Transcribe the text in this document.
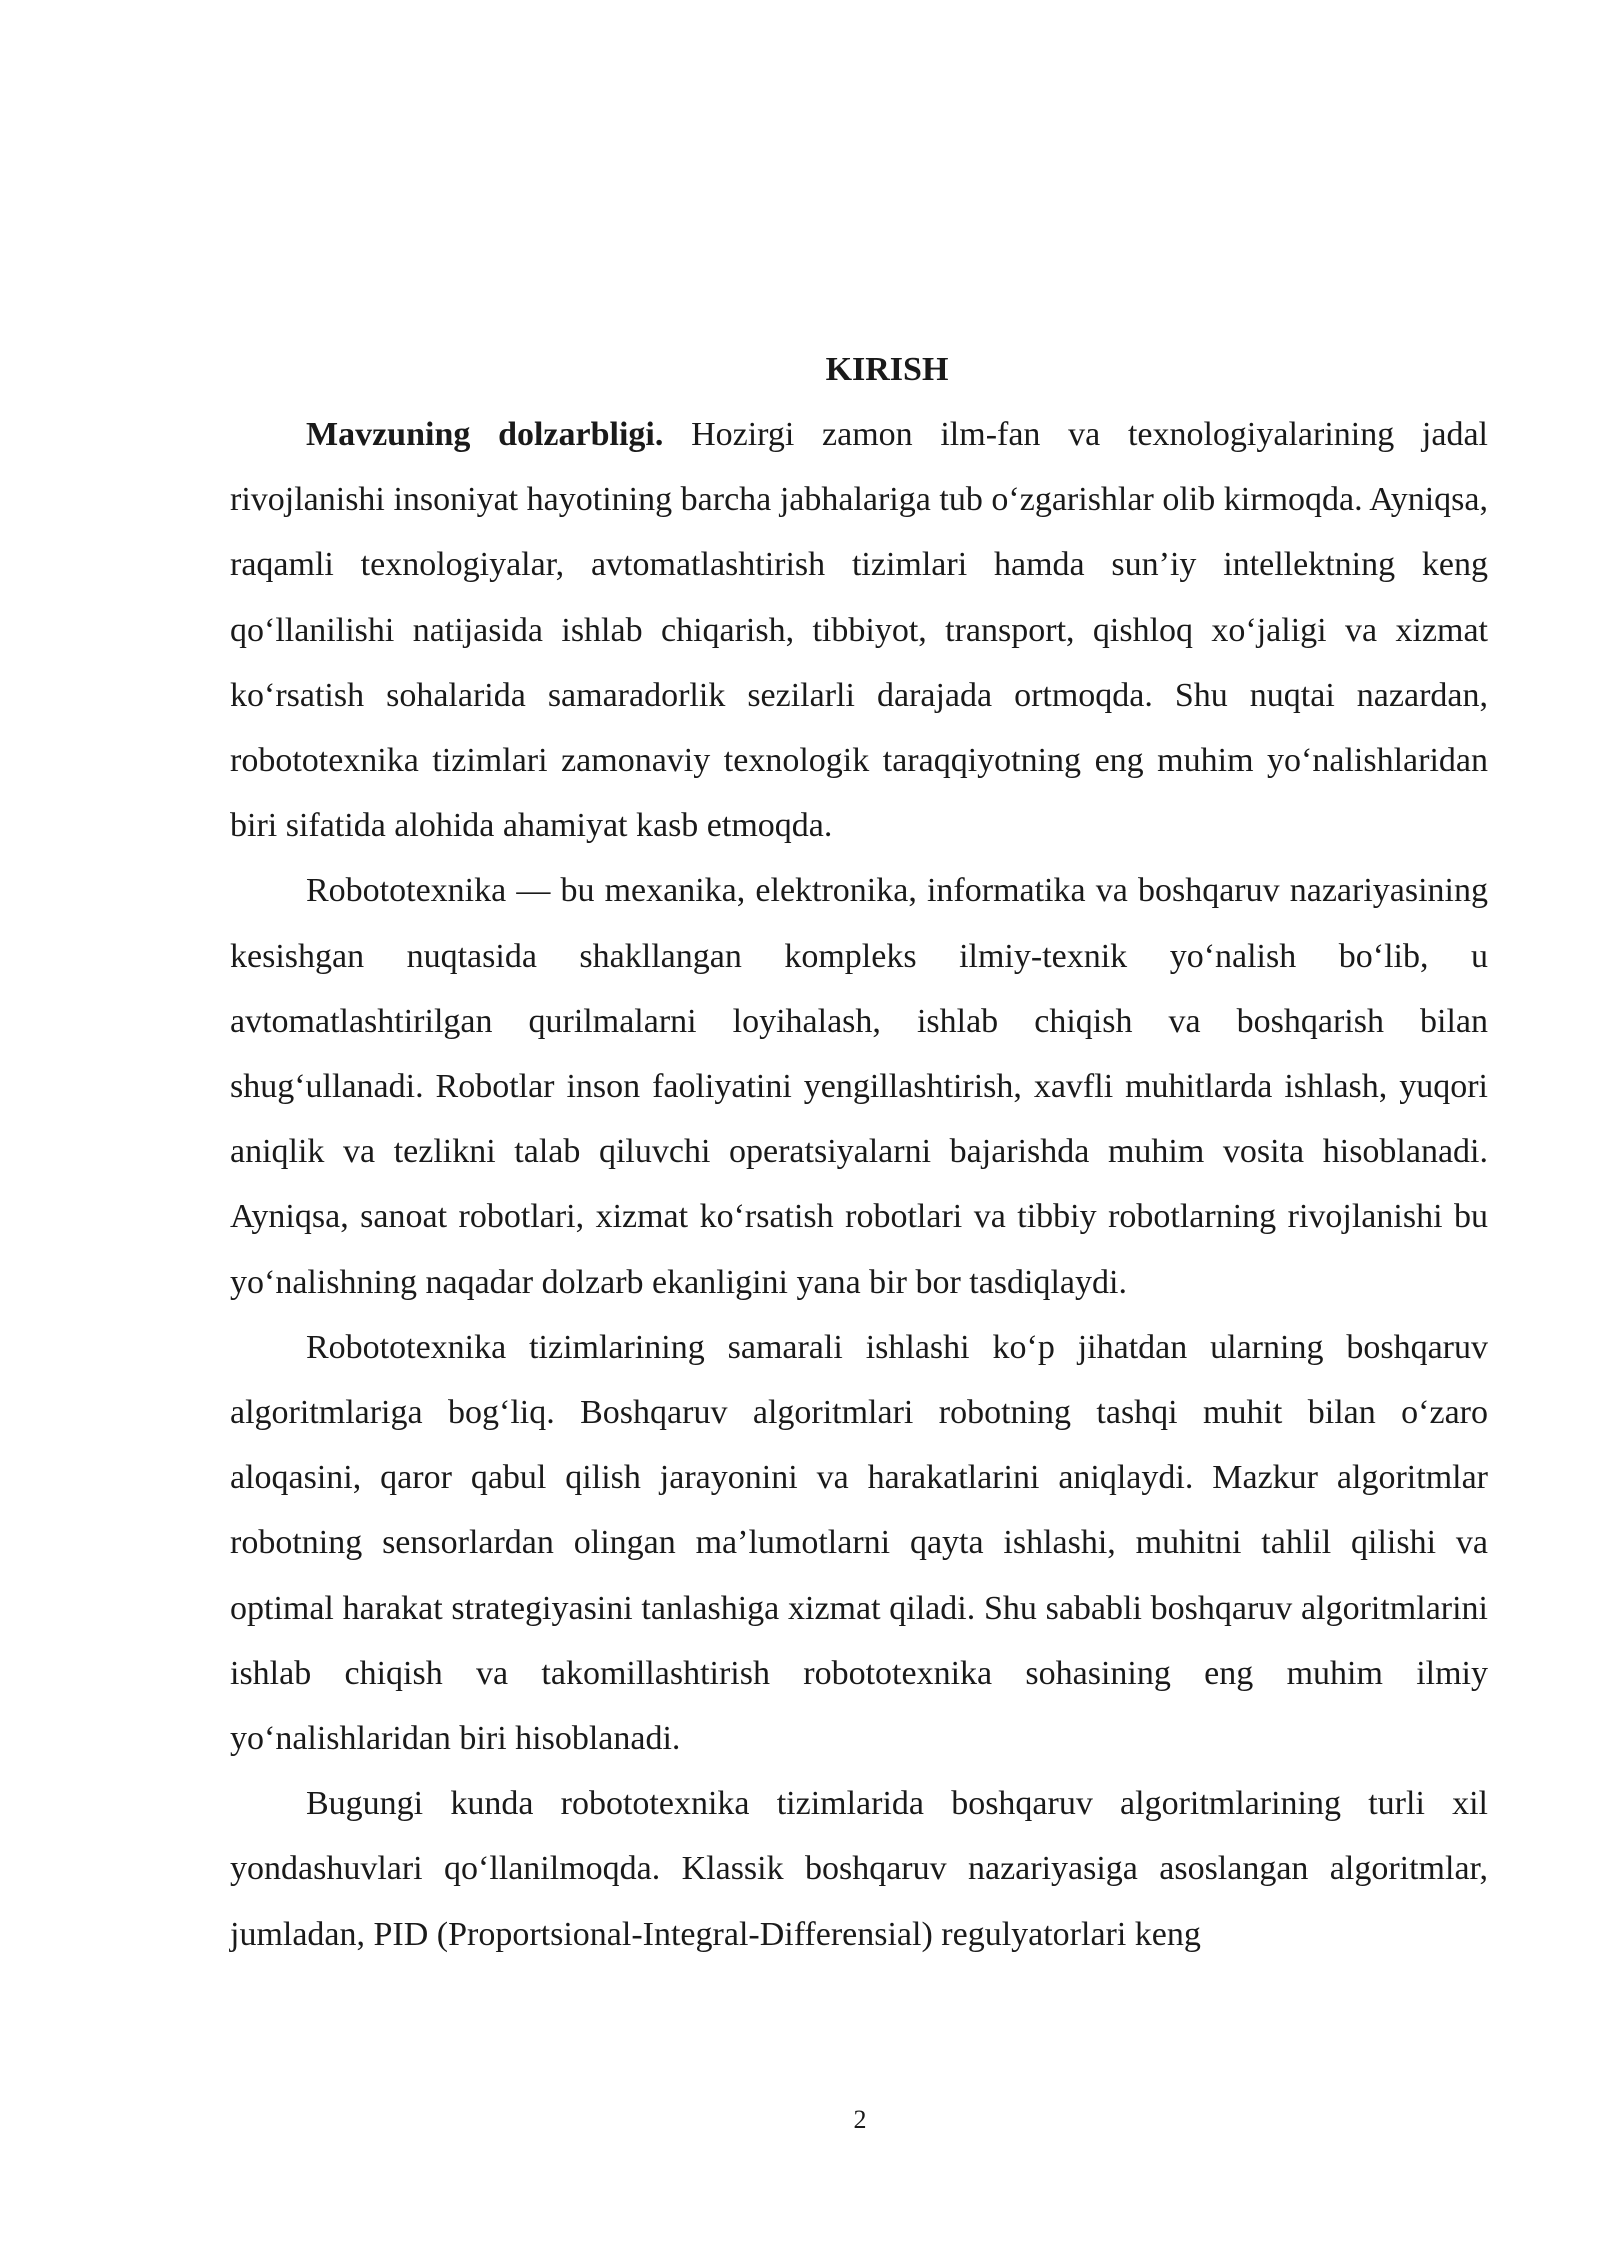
KIRISH

Mavzuning dolzarbligi. Hozirgi zamon ilm-fan va texnologiyalarining jadal rivojlanishi insoniyat hayotining barcha jabhalariga tub o‘zgarishlar olib kirmoqda. Ayniqsa, raqamli texnologiyalar, avtomatlashtirish tizimlari hamda sun’iy intellektning keng qo‘llanilishi natijasida ishlab chiqarish, tibbiyot, transport, qishloq xo‘jaligi va xizmat ko‘rsatish sohalarida samaradorlik sezilarli darajada ortmoqda. Shu nuqtai nazardan, robototexnika tizimlari zamonaviy texnologik taraqqiyotning eng muhim yo‘nalishlaridan biri sifatida alohida ahamiyat kasb etmoqda.

Robototexnika — bu mexanika, elektronika, informatika va boshqaruv nazariyasining kesishgan nuqtasida shakllangan kompleks ilmiy-texnik yo‘nalish bo‘lib, u avtomatlashtirilgan qurilmalarni loyihalash, ishlab chiqish va boshqarish bilan shug‘ullanadi. Robotlar inson faoliyatini yengillashtirish, xavfli muhitlarda ishlash, yuqori aniqlik va tezlikni talab qiluvchi operatsiyalarni bajarishda muhim vosita hisoblanadi. Ayniqsa, sanoat robotlari, xizmat ko‘rsatish robotlari va tibbiy robotlarning rivojlanishi bu yo‘nalishning naqadar dolzarb ekanligini yana bir bor tasdiqlaydi.

Robototexnika tizimlarining samarali ishlashi ko‘p jihatdan ularning boshqaruv algoritmlariga bog‘liq. Boshqaruv algoritmlari robotning tashqi muhit bilan o‘zaro aloqasini, qaror qabul qilish jarayonini va harakatlarini aniqlaydi. Mazkur algoritmlar robotning sensorlardan olingan ma’lumotlarni qayta ishlashi, muhitni tahlil qilishi va optimal harakat strategiyasini tanlashiga xizmat qiladi. Shu sababli boshqaruv algoritmlarini ishlab chiqish va takomillashtirish robototexnika sohasining eng muhim ilmiy yo‘nalishlaridan biri hisoblanadi.

Bugungi kunda robototexnika tizimlarida boshqaruv algoritmlarining turli xil yondashuvlari qo‘llanilmoqda. Klassik boshqaruv nazariyasiga asoslangan algoritmlar, jumladan, PID (Proportsional-Integral-Differensial) regulyatorlari keng

2
